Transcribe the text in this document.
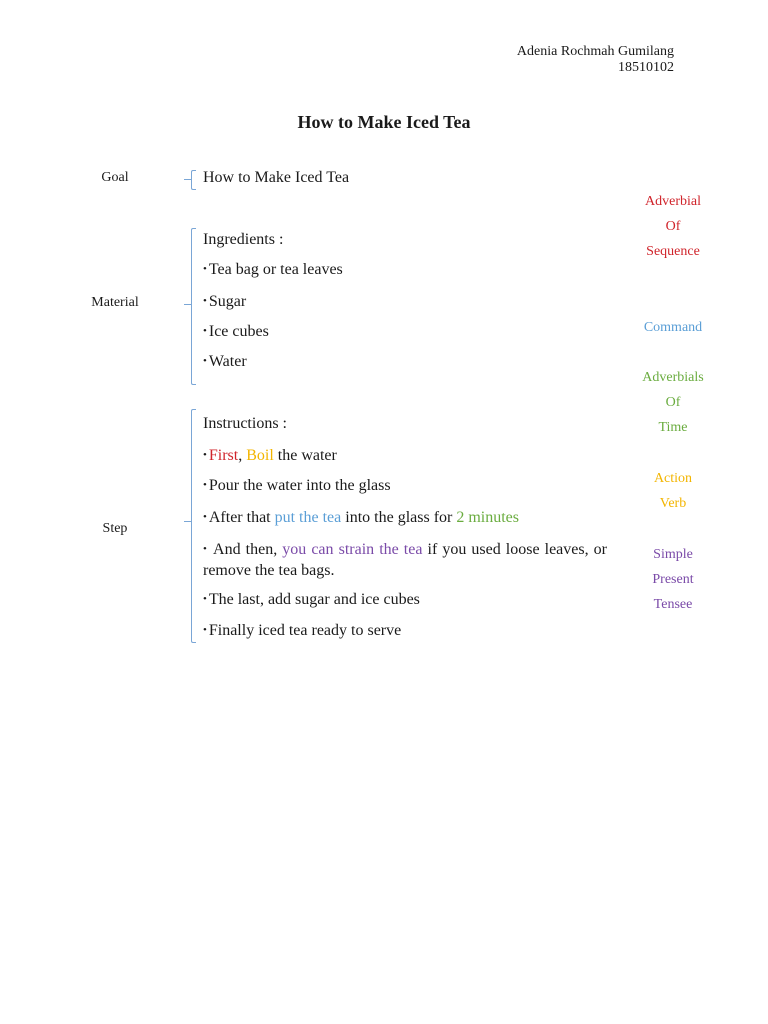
Adenia Rochmah Gumilang
18510102
How to Make Iced Tea
Goal	How to Make Iced Tea
Material
Ingredients :
• Tea bag or tea leaves
• Sugar
• Ice cubes
• Water
Step
Instructions :
• First, Boil the water
• Pour the water into the glass
• After that put the tea into the glass for 2 minutes
• And then, you can strain the tea if you used loose leaves, or remove the tea bags.
• The last, add sugar and ice cubes
• Finally iced tea ready to serve
Adverbial
Of
Sequence
Command
Adverbials
Of
Time
Action
Verb
Simple
Present
Tensee
